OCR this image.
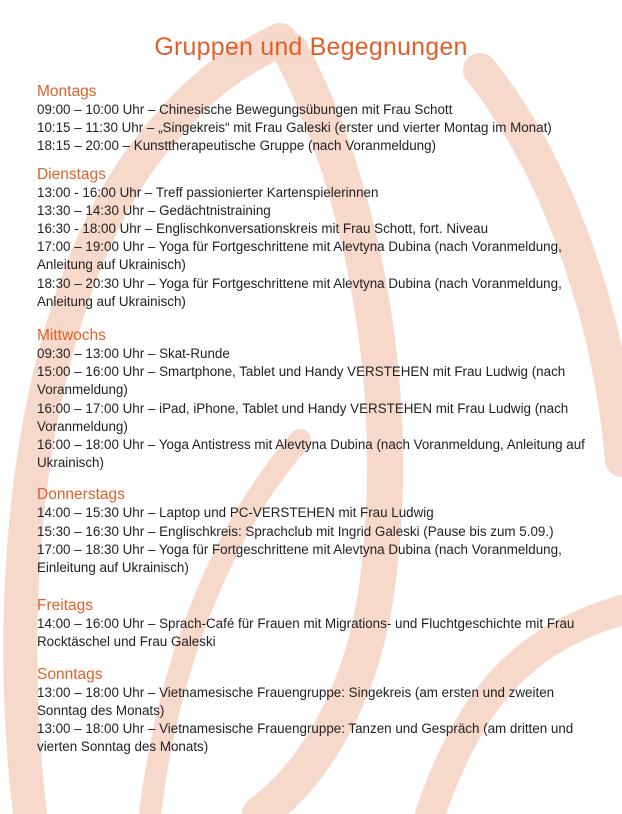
Gruppen und Begegnungen
Montags
09:00 – 10:00 Uhr – Chinesische Bewegungsübungen mit Frau Schott
10:15 – 11:30 Uhr – „Singekreis“ mit Frau Galeski (erster und vierter Montag im Monat)
18:15 – 20:00 – Kunsttherapeutische Gruppe (nach Voranmeldung)
Dienstags
13:00 - 16:00 Uhr – Treff passionierter Kartenspielerinnen
13:30 – 14:30 Uhr – Gedächtnistraining
16:30 - 18:00 Uhr – Englischkonversationskreis mit Frau Schott, fort. Niveau
17:00 – 19:00 Uhr – Yoga für Fortgeschrittene mit Alevtyna Dubina (nach Voranmeldung, Anleitung auf Ukrainisch)
18:30 – 20:30 Uhr – Yoga für Fortgeschrittene mit Alevtyna Dubina (nach Voranmeldung, Anleitung auf Ukrainisch)
Mittwochs
09:30 – 13:00 Uhr – Skat-Runde
15:00 – 16:00 Uhr – Smartphone, Tablet und Handy VERSTEHEN mit Frau Ludwig (nach Voranmeldung)
16:00 – 17:00 Uhr – iPad, iPhone, Tablet und Handy VERSTEHEN mit Frau Ludwig (nach Voranmeldung)
16:00 – 18:00 Uhr – Yoga Antistress mit Alevtyna Dubina (nach Voranmeldung, Anleitung auf Ukrainisch)
Donnerstags
14:00 – 15:30 Uhr – Laptop und PC-VERSTEHEN mit Frau Ludwig
15:30 – 16:30 Uhr – Englischkreis: Sprachclub mit Ingrid Galeski (Pause bis zum 5.09.)
17:00 – 18:30 Uhr – Yoga für Fortgeschrittene mit Alevtyna Dubina (nach Voranmeldung, Einleitung auf Ukrainisch)
Freitags
14:00 – 16:00 Uhr – Sprach-Café für Frauen mit Migrations- und Fluchtgeschichte mit Frau Rocktäschel und Frau Galeski
Sonntags
13:00 – 18:00 Uhr – Vietnamesische Frauengruppe: Singekreis (am ersten und zweiten Sonntag des Monats)
13:00 – 18:00 Uhr – Vietnamesische Frauengruppe: Tanzen und Gespräch (am dritten und vierten Sonntag des Monats)
